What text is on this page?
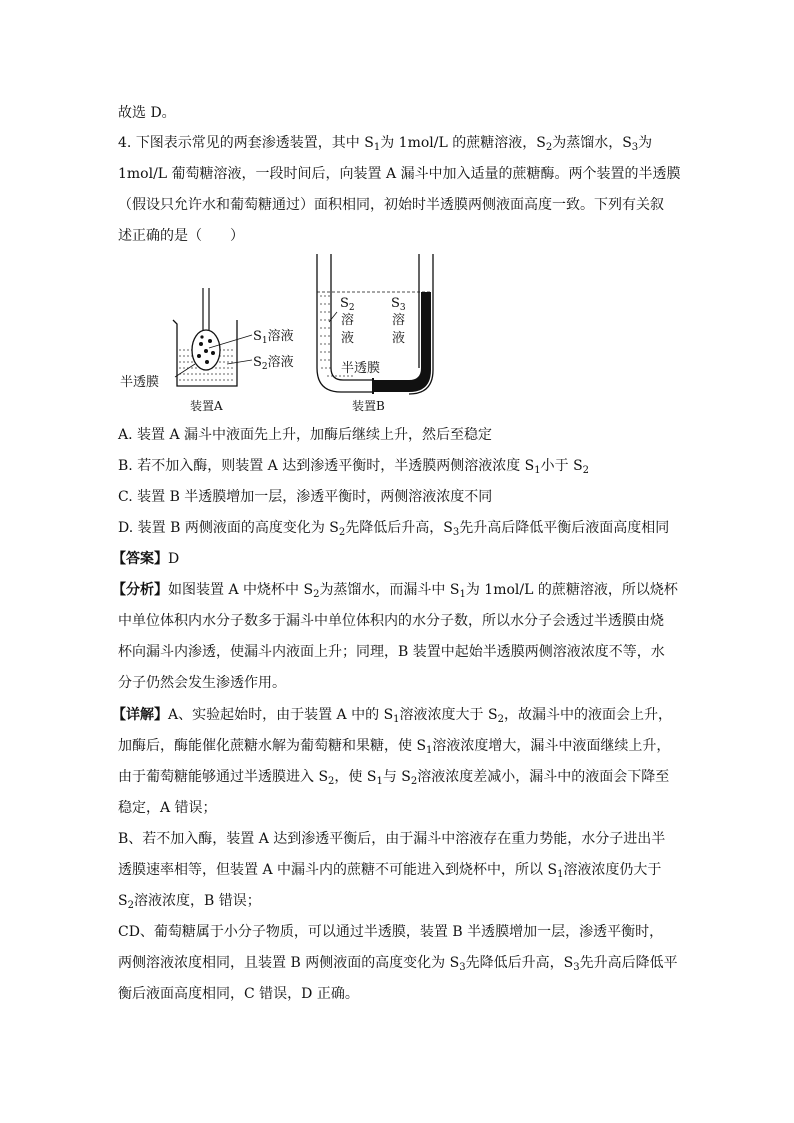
故选 D。
4. 下图表示常见的两套渗透装置，其中 $S_1$为 1mol/L 的蔗糖溶液，$S_2$为蒸馏水，$S_3$为
1mol/L 葡萄糖溶液，一段时间后，向装置 A 漏斗中加入适量的蔗糖酶。两个装置的半透膜
（假设只允许水和葡萄糖通过）面积相同，初始时半透膜两侧液面高度一致。下列有关叙
述正确的是（　　）
$S_1$溶液
$S_2$溶液
半透膜
装置A
$S_2$
溶
液
$S_3$
溶
液
半透膜
装置B
A. 装置 A 漏斗中液面先上升，加酶后继续上升，然后至稳定
B. 若不加入酶，则装置 A 达到渗透平衡时，半透膜两侧溶液浓度 $S_1$小于 $S_2$
C. 装置 B 半透膜增加一层，渗透平衡时，两侧溶液浓度不同
D. 装置 B 两侧液面的高度变化为 $S_2$先降低后升高，$S_3$先升高后降低平衡后液面高度相同
【答案】D
【分析】如图装置 A 中烧杯中 $S_2$为蒸馏水，而漏斗中 $S_1$为 1mol/L 的蔗糖溶液，所以烧杯
中单位体积内水分子数多于漏斗中单位体积内的水分子数，所以水分子会透过半透膜由烧
杯向漏斗内渗透，使漏斗内液面上升；同理，B 装置中起始半透膜两侧溶液浓度不等，水
分子仍然会发生渗透作用。
【详解】A、实验起始时，由于装置 A 中的 $S_1$溶液浓度大于 $S_2$，故漏斗中的液面会上升，
加酶后，酶能催化蔗糖水解为葡萄糖和果糖，使 $S_1$溶液浓度增大，漏斗中液面继续上升，
由于葡萄糖能够通过半透膜进入 $S_2$，使 $S_1$与 $S_2$溶液浓度差减小，漏斗中的液面会下降至
稳定，A 错误；
B、若不加入酶，装置 A 达到渗透平衡后，由于漏斗中溶液存在重力势能，水分子进出半
透膜速率相等，但装置 A 中漏斗内的蔗糖不可能进入到烧杯中，所以 $S_1$溶液浓度仍大于
$S_2$溶液浓度，B 错误；
CD、葡萄糖属于小分子物质，可以通过半透膜，装置 B 半透膜增加一层，渗透平衡时，
两侧溶液浓度相同，且装置 B 两侧液面的高度变化为 $S_3$先降低后升高，$S_3$先升高后降低平
衡后液面高度相同，C 错误，D 正确。
